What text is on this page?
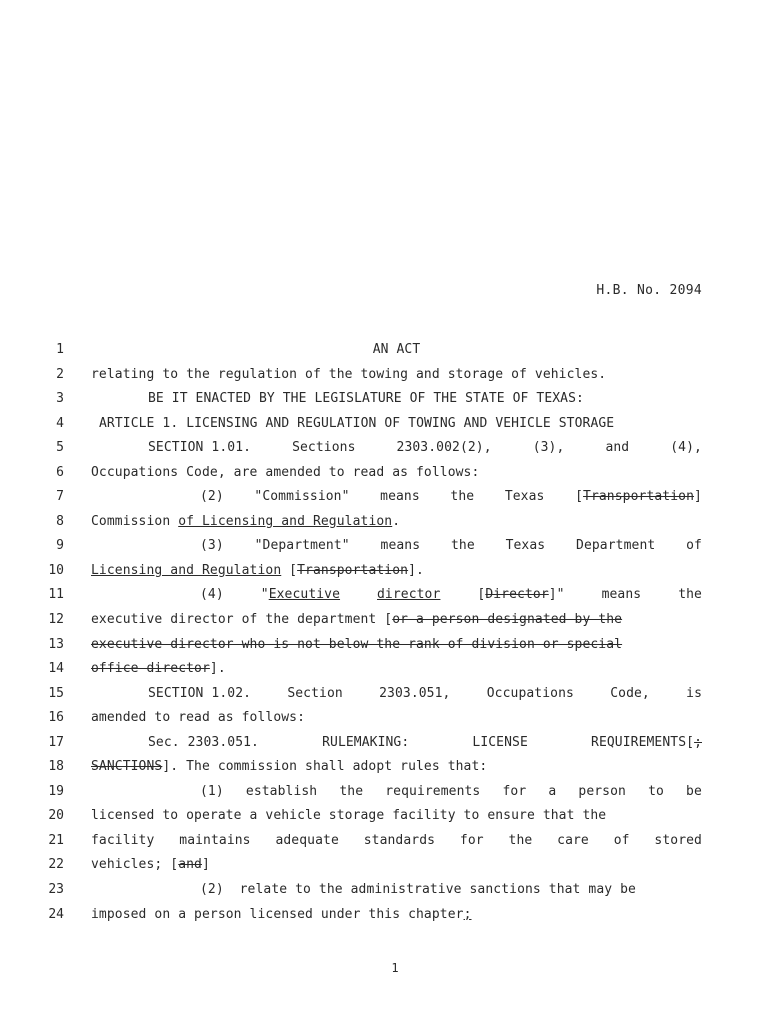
H.B. No. 2094
1	AN ACT
2 relating to the regulation of the towing and storage of vehicles.
3	BE IT ENACTED BY THE LEGISLATURE OF THE STATE OF TEXAS:
4	ARTICLE 1. LICENSING AND REGULATION OF TOWING AND VEHICLE STORAGE
5	SECTION 1.01.	Sections	2303.002(2),	(3),	and	(4),
6 Occupations Code, are amended to read as follows:
7	(2) "Commission" means the Texas [Transportation]
8 Commission of Licensing and Regulation.
9	(3) "Department" means the Texas Department of
10 Licensing and Regulation [Transportation].
11	(4)	"Executive	director	[Director]"	means	the
12 executive director of the department [or a person designated by the
13 executive director who is not below the rank of division or special
14 office director].
15	SECTION 1.02.	Section	2303.051,	Occupations	Code,	is
16 amended to read as follows:
17	Sec. 2303.051.	RULEMAKING:	LICENSE	REQUIREMENTS[;
18 SANCTIONS]. The commission shall adopt rules that:
19	(1) establish the requirements for a person to be
20 licensed to operate a vehicle storage facility to ensure that the
21 facility maintains adequate standards for the care of stored
22 vehicles; [and]
23	(2)  relate to the administrative sanctions that may be
24 imposed on a person licensed under this chapter;
1
